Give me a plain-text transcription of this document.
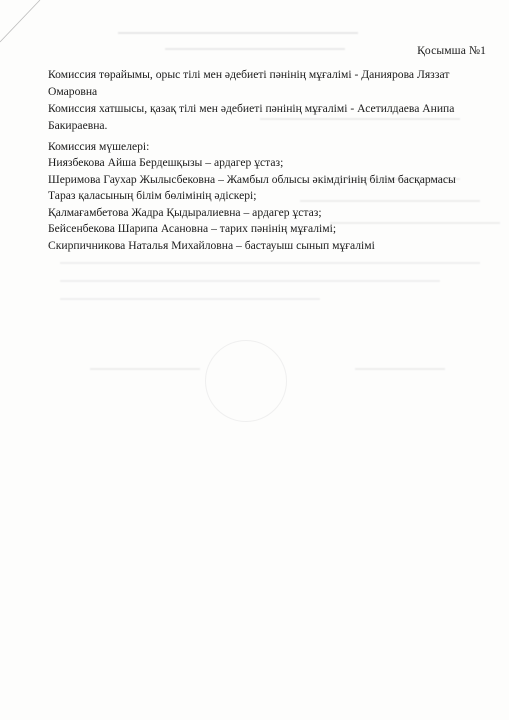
Қосымша №1

Комиссия төрайымы, орыс тілі мен әдебиеті пәнінің мұғалімі - Даниярова Ляззат

Омаровна

Комиссия хатшысы, қазақ тілі мен әдебиеті пәнінің мұғалімі - Асетилдаева Анипа

Бакираевна.

Комиссия мүшелері:

Ниязбекова Айша Бердешқызы – ардагер ұстаз;

Шеримова Гаухар Жылысбековна – Жамбыл облысы әкімдігінің білім басқармасы

Тараз қаласының білім бөлімінің әдіскері;

Қалмағамбетова Жадра Қыдыралиевна – ардагер ұстаз;

Бейсенбекова Шарипа Асановна – тарих пәнінің мұғалімі;

Скирпичникова Наталья Михайловна – бастауыш сынып мұғалімі
